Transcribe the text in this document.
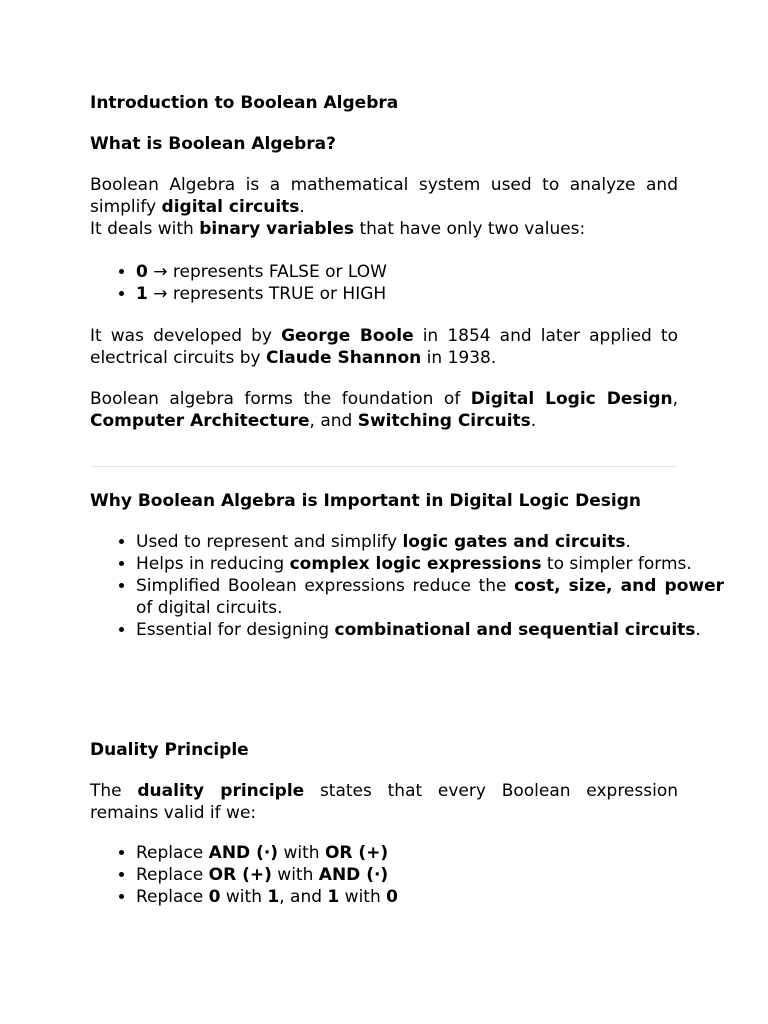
Introduction to Boolean Algebra
What is Boolean Algebra?

Boolean Algebra is a mathematical system used to analyze and simplify digital circuits.
It deals with binary variables that have only two values:

• 0 → represents FALSE or LOW
• 1 → represents TRUE or HIGH

It was developed by George Boole in 1854 and later applied to electrical circuits by Claude Shannon in 1938.

Boolean algebra forms the foundation of Digital Logic Design, Computer Architecture, and Switching Circuits.

Why Boolean Algebra is Important in Digital Logic Design
• Used to represent and simplify logic gates and circuits.
• Helps in reducing complex logic expressions to simpler forms.
• Simplified Boolean expressions reduce the cost, size, and power of digital circuits.
• Essential for designing combinational and sequential circuits.
Duality Principle

The duality principle states that every Boolean expression remains valid if we:

• Replace AND (·) with OR (+)
• Replace OR (+) with AND (·)
• Replace 0 with 1, and 1 with 0
